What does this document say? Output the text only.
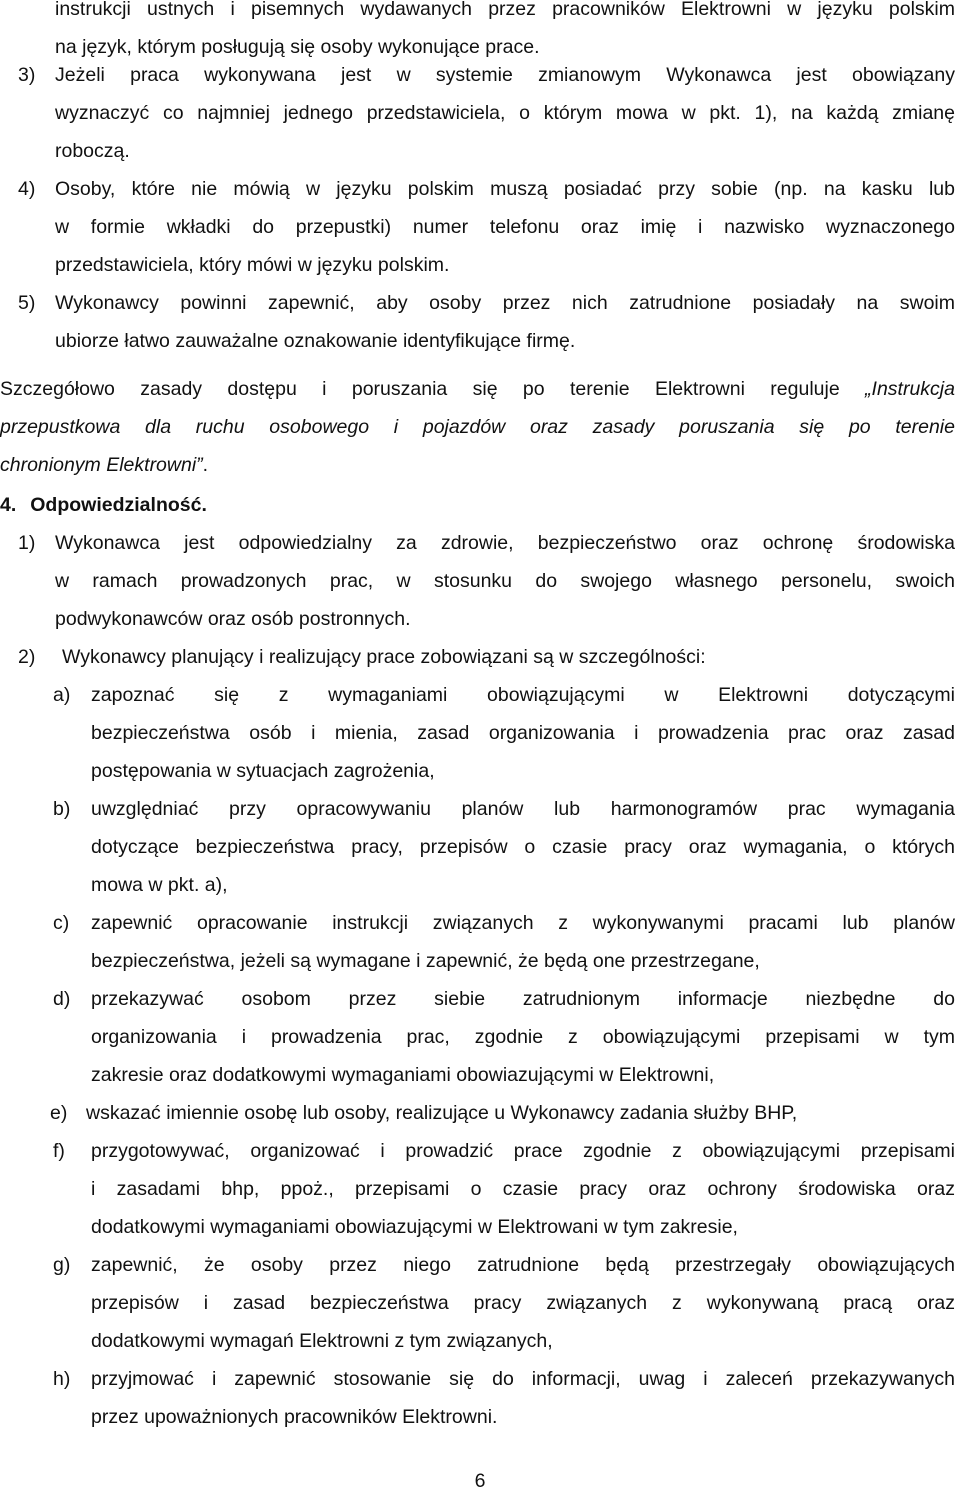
instrukcji ustnych i pisemnych wydawanych przez pracowników Elektrowni w języku polskim
na język, którym posługują się osoby wykonujące prace.
3) Jeżeli praca wykonywana jest w systemie zmianowym Wykonawca jest obowiązany
wyznaczyć co najmniej jednego przedstawiciela, o którym mowa w pkt. 1), na każdą zmianę
roboczą.
4) Osoby, które nie mówią w języku polskim muszą posiadać przy sobie (np. na kasku lub
w formie wkładki do przepustki) numer telefonu oraz imię i nazwisko wyznaczonego
przedstawiciela, który mówi w języku polskim.
5) Wykonawcy powinni zapewnić, aby osoby przez nich zatrudnione posiadały na swoim
ubiorze łatwo zauważalne oznakowanie identyfikujące firmę.
Szczegółowo zasady dostępu i poruszania się po terenie Elektrowni reguluje „Instrukcja
przepustkowa dla ruchu osobowego i pojazdów oraz zasady poruszania się po terenie
chronionym Elektrowni”.
4. Odpowiedzialność.
1) Wykonawca jest odpowiedzialny za zdrowie, bezpieczeństwo oraz ochronę środowiska
w ramach prowadzonych prac, w stosunku do swojego własnego personelu, swoich
podwykonawców oraz osób postronnych.
2) Wykonawcy planujący i realizujący prace zobowiązani są w szczególności:
a) zapoznać się z wymaganiami obowiązującymi w Elektrowni dotyczącymi
bezpieczeństwa osób i mienia, zasad organizowania i prowadzenia prac oraz zasad
postępowania w sytuacjach zagrożenia,
b) uwzględniać przy opracowywaniu planów lub harmonogramów prac wymagania
dotyczące bezpieczeństwa pracy, przepisów o czasie pracy oraz wymagania, o których
mowa w pkt. a),
c) zapewnić opracowanie instrukcji związanych z wykonywanymi pracami lub planów
bezpieczeństwa, jeżeli są wymagane i zapewnić, że będą one przestrzegane,
d) przekazywać osobom przez siebie zatrudnionym informacje niezbędne do
organizowania i prowadzenia prac, zgodnie z obowiązującymi przepisami w tym
zakresie oraz dodatkowymi wymaganiami obowiazującymi w Elektrowni,
e) wskazać imiennie osobę lub osoby, realizujące u Wykonawcy zadania służby BHP,
f) przygotowywać, organizować i prowadzić prace zgodnie z obowiązującymi przepisami
i zasadami bhp, ppoż., przepisami o czasie pracy oraz ochrony środowiska oraz
dodatkowymi wymaganiami obowiazującymi w Elektrowani w tym zakresie,
g) zapewnić, że osoby przez niego zatrudnione będą przestrzegały obowiązujących
przepisów i zasad bezpieczeństwa pracy związanych z wykonywaną pracą oraz
dodatkowymi wymagań Elektrowni z tym związanych,
h) przyjmować i zapewnić stosowanie się do informacji, uwag i zaleceń przekazywanych
przez upoważnionych pracowników Elektrowni.
6
